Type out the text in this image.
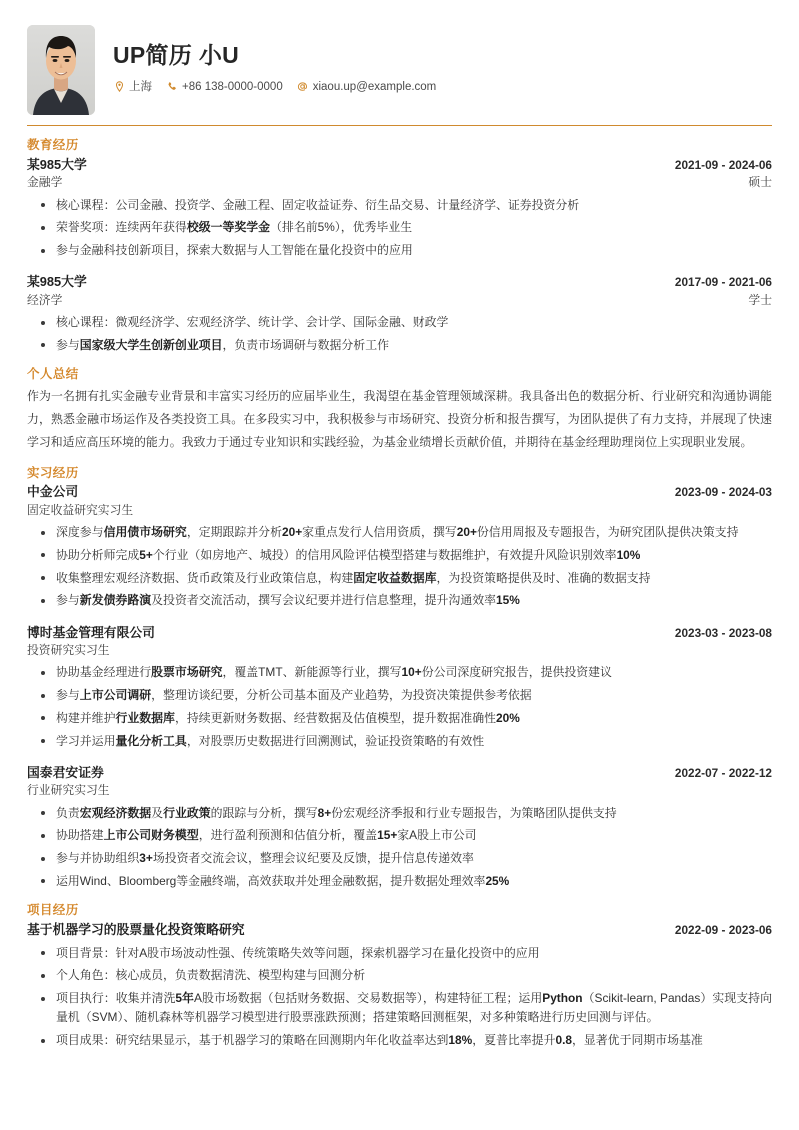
UP简历 小U
上海	+86 138-0000-0000	xiaou.up@example.com
教育经历
某985大学	2021-09 - 2024-06
金融学	硕士
核心课程：公司金融、投资学、金融工程、固定收益证券、衍生品交易、计量经济学、证券投资分析
荣誉奖项：连续两年获得校级一等奖学金（排名前5%），优秀毕业生
参与金融科技创新项目，探索大数据与人工智能在量化投资中的应用
某985大学	2017-09 - 2021-06
经济学	学士
核心课程：微观经济学、宏观经济学、统计学、会计学、国际金融、财政学
参与国家级大学生创新创业项目，负责市场调研与数据分析工作
个人总结
作为一名拥有扎实金融专业背景和丰富实习经历的应届毕业生，我渴望在基金管理领域深耕。我具备出色的数据分析、行业研究和沟通协调能力，熟悉金融市场运作及各类投资工具。在多段实习中，我积极参与市场研究、投资分析和报告撰写，为团队提供了有力支持，并展现了快速学习和适应高压环境的能力。我致力于通过专业知识和实践经验，为基金业绩增长贡献价值，并期待在基金经理助理岗位上实现职业发展。
实习经历
中金公司	2023-09 - 2024-03
固定收益研究实习生
深度参与信用债市场研究，定期跟踪并分析20+家重点发行人信用资质，撰写20+份信用周报及专题报告，为研究团队提供决策支持
协助分析师完成5+个行业（如房地产、城投）的信用风险评估模型搭建与数据维护，有效提升风险识别效率10%
收集整理宏观经济数据、货币政策及行业政策信息，构建固定收益数据库，为投资策略提供及时、准确的数据支持
参与新发债券路演及投资者交流活动，撰写会议纪要并进行信息整理，提升沟通效率15%
博时基金管理有限公司	2023-03 - 2023-08
投资研究实习生
协助基金经理进行股票市场研究，覆盖TMT、新能源等行业，撰写10+份公司深度研究报告，提供投资建议
参与上市公司调研，整理访谈纪要，分析公司基本面及产业趋势，为投资决策提供参考依据
构建并维护行业数据库，持续更新财务数据、经营数据及估值模型，提升数据准确性20%
学习并运用量化分析工具，对股票历史数据进行回溯测试，验证投资策略的有效性
国泰君安证券	2022-07 - 2022-12
行业研究实习生
负责宏观经济数据及行业政策的跟踪与分析，撰写8+份宏观经济季报和行业专题报告，为策略团队提供支持
协助搭建上市公司财务模型，进行盈利预测和估值分析，覆盖15+家A股上市公司
参与并协助组织3+场投资者交流会议，整理会议纪要及反馈，提升信息传递效率
运用Wind、Bloomberg等金融终端，高效获取并处理金融数据，提升数据处理效率25%
项目经历
基于机器学习的股票量化投资策略研究	2022-09 - 2023-06
项目背景：针对A股市场波动性强、传统策略失效等问题，探索机器学习在量化投资中的应用
个人角色：核心成员，负责数据清洗、模型构建与回测分析
项目执行：收集并清洗5年A股市场数据（包括财务数据、交易数据等），构建特征工程；运用Python（Scikit-learn, Pandas）实现支持向量机（SVM）、随机森林等机器学习模型进行股票涨跌预测；搭建策略回测框架，对多种策略进行历史回测与评估。
项目成果：研究结果显示，基于机器学习的策略在回测期内年化收益率达到18%，夏普比率提升0.8，显著优于同期市场基准
